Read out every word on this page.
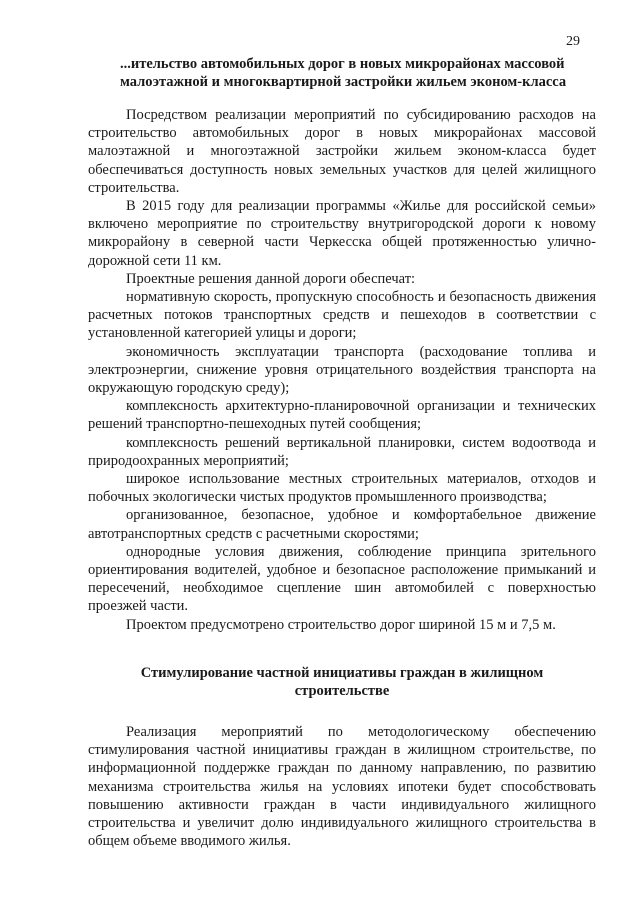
29
...ительство автомобильных дорог в новых микрорайонах массовой
малоэтажной и многоквартирной застройки жильем эконом-класса

Посредством реализации мероприятий по субсидированию расходов на строительство автомобильных дорог в новых микрорайонах массовой малоэтажной и многоэтажной застройки жильем эконом-класса будет обеспечиваться доступность новых земельных участков для целей жилищного строительства.

В 2015 году для реализации программы «Жилье для российской семьи» включено мероприятие по строительству внутригородской дороги к новому микрорайону в северной части Черкесска общей протяженностью улично-дорожной сети 11 км.

Проектные решения данной дороги обеспечат:

нормативную скорость, пропускную способность и безопасность движения расчетных потоков транспортных средств и пешеходов в соответствии с установленной категорией улицы и дороги;

экономичность эксплуатации транспорта (расходование топлива и электроэнергии, снижение уровня отрицательного воздействия транспорта на окружающую городскую среду);

комплексность архитектурно-планировочной организации и технических решений транспортно-пешеходных путей сообщения;

комплексность решений вертикальной планировки, систем водоотвода и природоохранных мероприятий;

широкое использование местных строительных материалов, отходов и побочных экологически чистых продуктов промышленного производства;

организованное, безопасное, удобное и комфортабельное движение автотранспортных средств с расчетными скоростями;

однородные условия движения, соблюдение принципа зрительного ориентирования водителей, удобное и безопасное расположение примыканий и пересечений, необходимое сцепление шин автомобилей с поверхностью проезжей части.

Проектом предусмотрено строительство дорог шириной 15 м и 7,5 м.

Стимулирование частной инициативы граждан в жилищном
строительстве

Реализация мероприятий по методологическому обеспечению стимулирования частной инициативы граждан в жилищном строительстве, по информационной поддержке граждан по данному направлению, по развитию механизма строительства жилья на условиях ипотеки будет способствовать повышению активности граждан в части индивидуального жилищного строительства и увеличит долю индивидуального жилищного строительства в общем объеме вводимого жилья.
